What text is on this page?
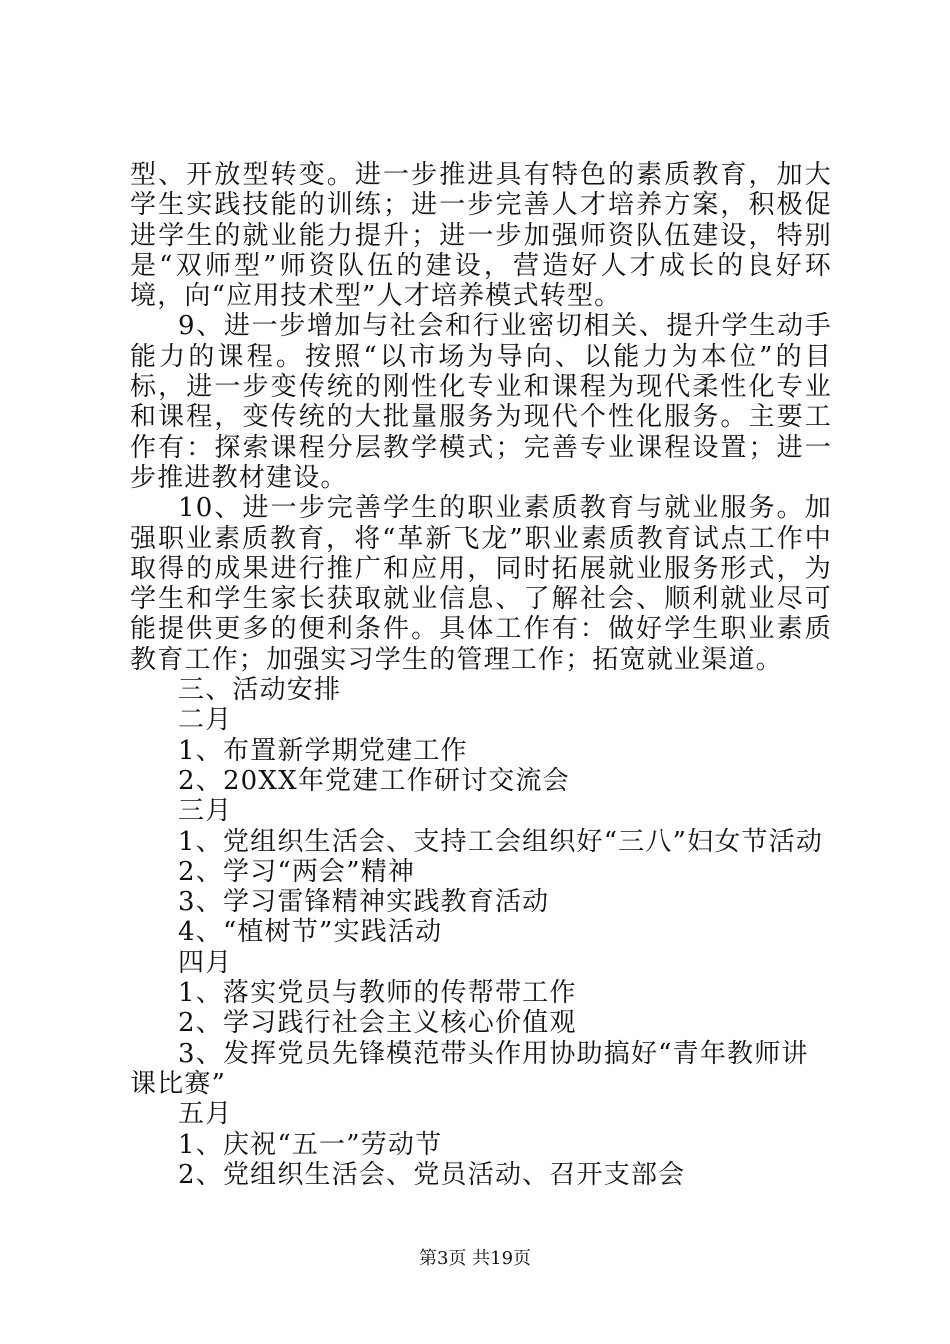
型、开放型转变。进一步推进具有特色的素质教育，加大学生实践技能的训练；进一步完善人才培养方案，积极促进学生的就业能力提升；进一步加强师资队伍建设，特别是“双师型”师资队伍的建设，营造好人才成长的良好环境，向“应用技术型”人才培养模式转型。

9、进一步增加与社会和行业密切相关、提升学生动手能力的课程。按照“以市场为导向、以能力为本位”的目标，进一步变传统的刚性化专业和课程为现代柔性化专业和课程，变传统的大批量服务为现代个性化服务。主要工作有：探索课程分层教学模式；完善专业课程设置；进一步推进教材建设。

10、进一步完善学生的职业素质教育与就业服务。加强职业素质教育，将“革新飞龙”职业素质教育试点工作中取得的成果进行推广和应用，同时拓展就业服务形式，为学生和学生家长获取就业信息、了解社会、顺利就业尽可能提供更多的便利条件。具体工作有：做好学生职业素质教育工作；加强实习学生的管理工作；拓宽就业渠道。

三、活动安排

二月

1、布置新学期党建工作

2、20XX年党建工作研讨交流会

三月

1、党组织生活会、支持工会组织好“三八”妇女节活动

2、学习“两会”精神

3、学习雷锋精神实践教育活动

4、“植树节”实践活动

四月

1、落实党员与教师的传帮带工作

2、学习践行社会主义核心价值观

3、发挥党员先锋模范带头作用协助搞好“青年教师讲课比赛”

五月

1、庆祝“五一”劳动节

2、党组织生活会、党员活动、召开支部会

第3页 共19页
